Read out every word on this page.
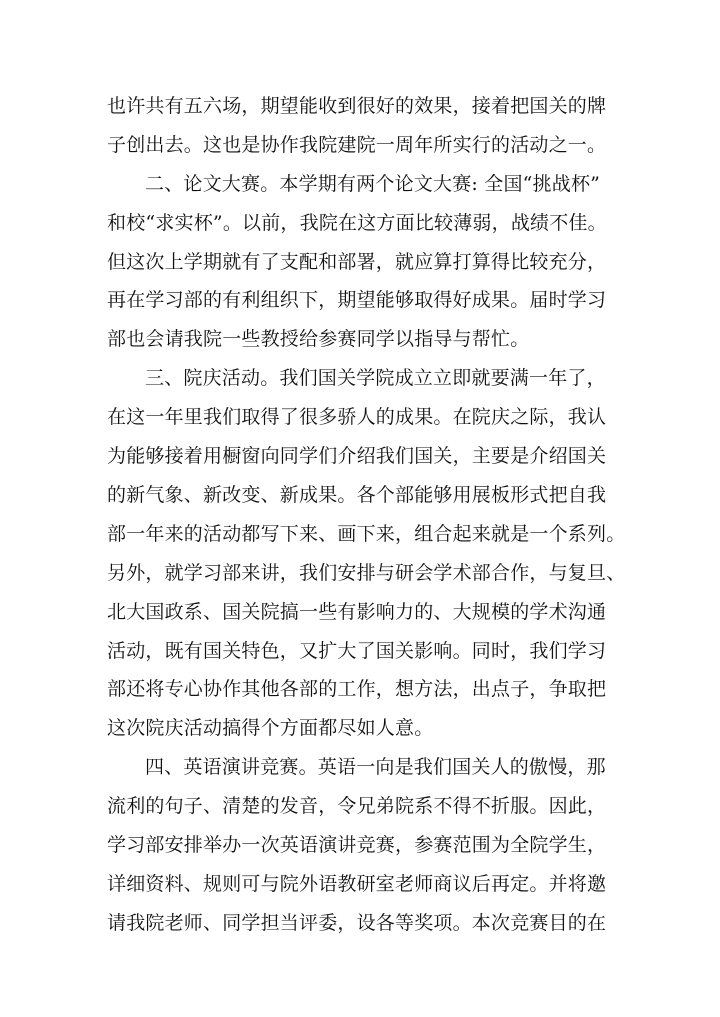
也许共有五六场，期望能收到很好的效果，接着把国关的牌
子创出去。这也是协作我院建院一周年所实行的活动之一。
二、论文大赛。本学期有两个论文大赛: 全国“挑战杯”
和校“求实杯”。以前，我院在这方面比较薄弱，战绩不佳。
但这次上学期就有了支配和部署，就应算打算得比较充分，
再在学习部的有利组织下，期望能够取得好成果。届时学习
部也会请我院一些教授给参赛同学以指导与帮忙。
三、院庆活动。我们国关学院成立立即就要满一年了，
在这一年里我们取得了很多骄人的成果。在院庆之际，我认
为能够接着用橱窗向同学们介绍我们国关，主要是介绍国关
的新气象、新改变、新成果。各个部能够用展板形式把自我
部一年来的活动都写下来、画下来，组合起来就是一个系列。
另外，就学习部来讲，我们安排与研会学术部合作，与复旦、
北大国政系、国关院搞一些有影响力的、大规模的学术沟通
活动，既有国关特色，又扩大了国关影响。同时，我们学习
部还将专心协作其他各部的工作，想方法，出点子，争取把
这次院庆活动搞得个方面都尽如人意。
四、英语演讲竞赛。英语一向是我们国关人的傲慢，那
流利的句子、清楚的发音，令兄弟院系不得不折服。因此，
学习部安排举办一次英语演讲竞赛，参赛范围为全院学生，
详细资料、规则可与院外语教研室老师商议后再定。并将邀
请我院老师、同学担当评委，设各等奖项。本次竞赛目的在
